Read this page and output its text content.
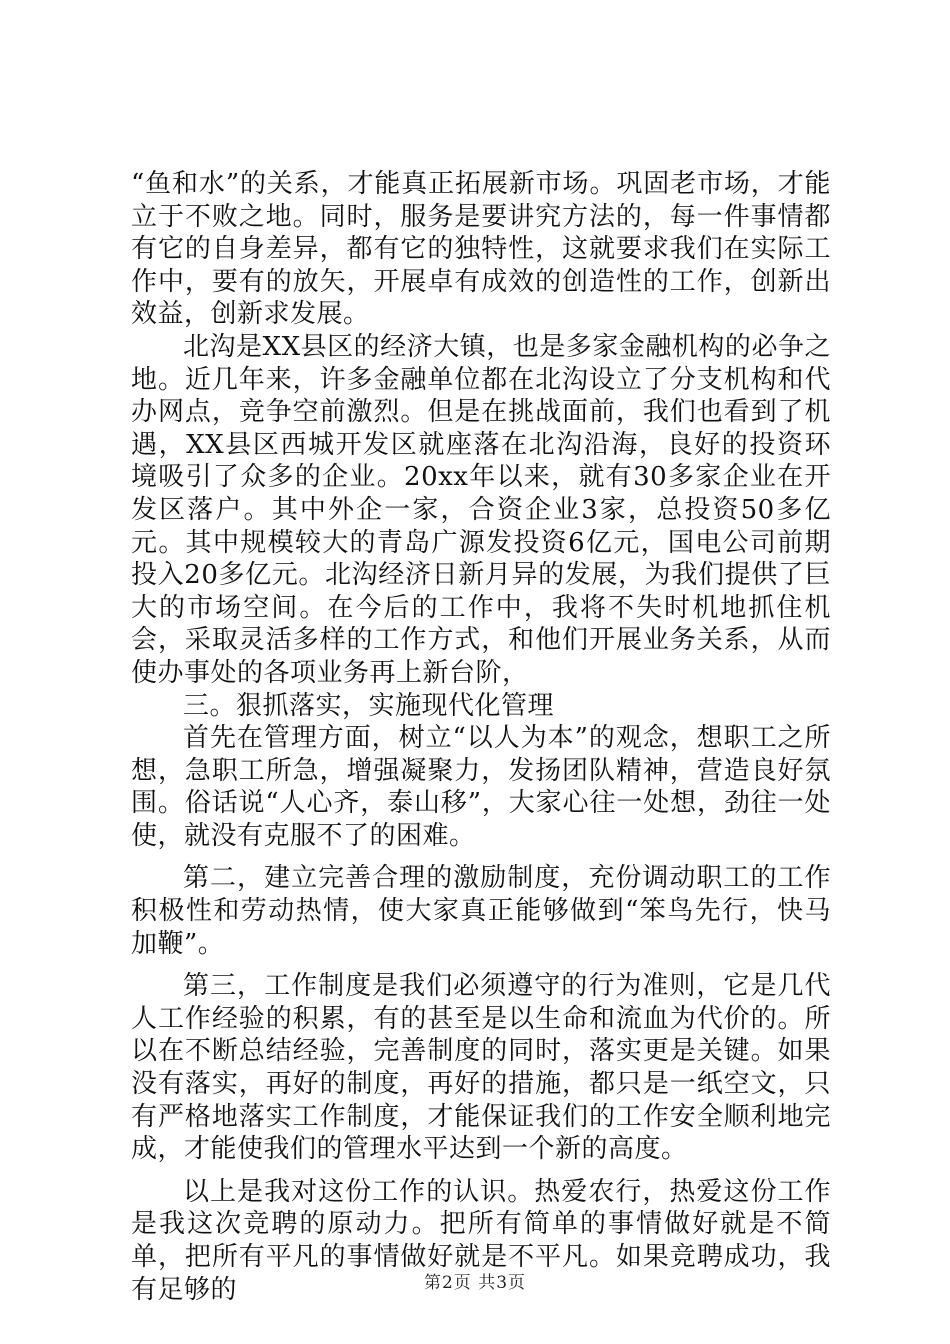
“鱼和水”的关系，才能真正拓展新市场。巩固老市场，才能立于不败之地。同时，服务是要讲究方法的，每一件事情都有它的自身差异，都有它的独特性，这就要求我们在实际工作中，要有的放矢，开展卓有成效的创造性的工作，创新出效益，创新求发展。

北沟是XX县区的经济大镇，也是多家金融机构的必争之地。近几年来，许多金融单位都在北沟设立了分支机构和代办网点，竞争空前激烈。但是在挑战面前，我们也看到了机遇，XX县区西城开发区就座落在北沟沿海，良好的投资环境吸引了众多的企业。20xx年以来，就有30多家企业在开发区落户。其中外企一家，合资企业3家，总投资50多亿元。其中规模较大的青岛广源发投资6亿元，国电公司前期投入20多亿元。北沟经济日新月异的发展，为我们提供了巨大的市场空间。在今后的工作中，我将不失时机地抓住机会，采取灵活多样的工作方式，和他们开展业务关系，从而使办事处的各项业务再上新台阶，

三。狠抓落实，实施现代化管理

首先在管理方面，树立“以人为本”的观念，想职工之所想，急职工所急，增强凝聚力，发扬团队精神，营造良好氛围。俗话说“人心齐，泰山移”，大家心往一处想，劲往一处使，就没有克服不了的困难。

第二，建立完善合理的激励制度，充份调动职工的工作积极性和劳动热情，使大家真正能够做到“笨鸟先行，快马加鞭”。

第三，工作制度是我们必须遵守的行为准则，它是几代人工作经验的积累，有的甚至是以生命和流血为代价的。所以在不断总结经验，完善制度的同时，落实更是关键。如果没有落实，再好的制度，再好的措施，都只是一纸空文，只有严格地落实工作制度，才能保证我们的工作安全顺利地完成，才能使我们的管理水平达到一个新的高度。

以上是我对这份工作的认识。热爱农行，热爱这份工作是我这次竞聘的原动力。把所有简单的事情做好就是不简单，把所有平凡的事情做好就是不平凡。如果竞聘成功，我有足够的	第2页 共3页
